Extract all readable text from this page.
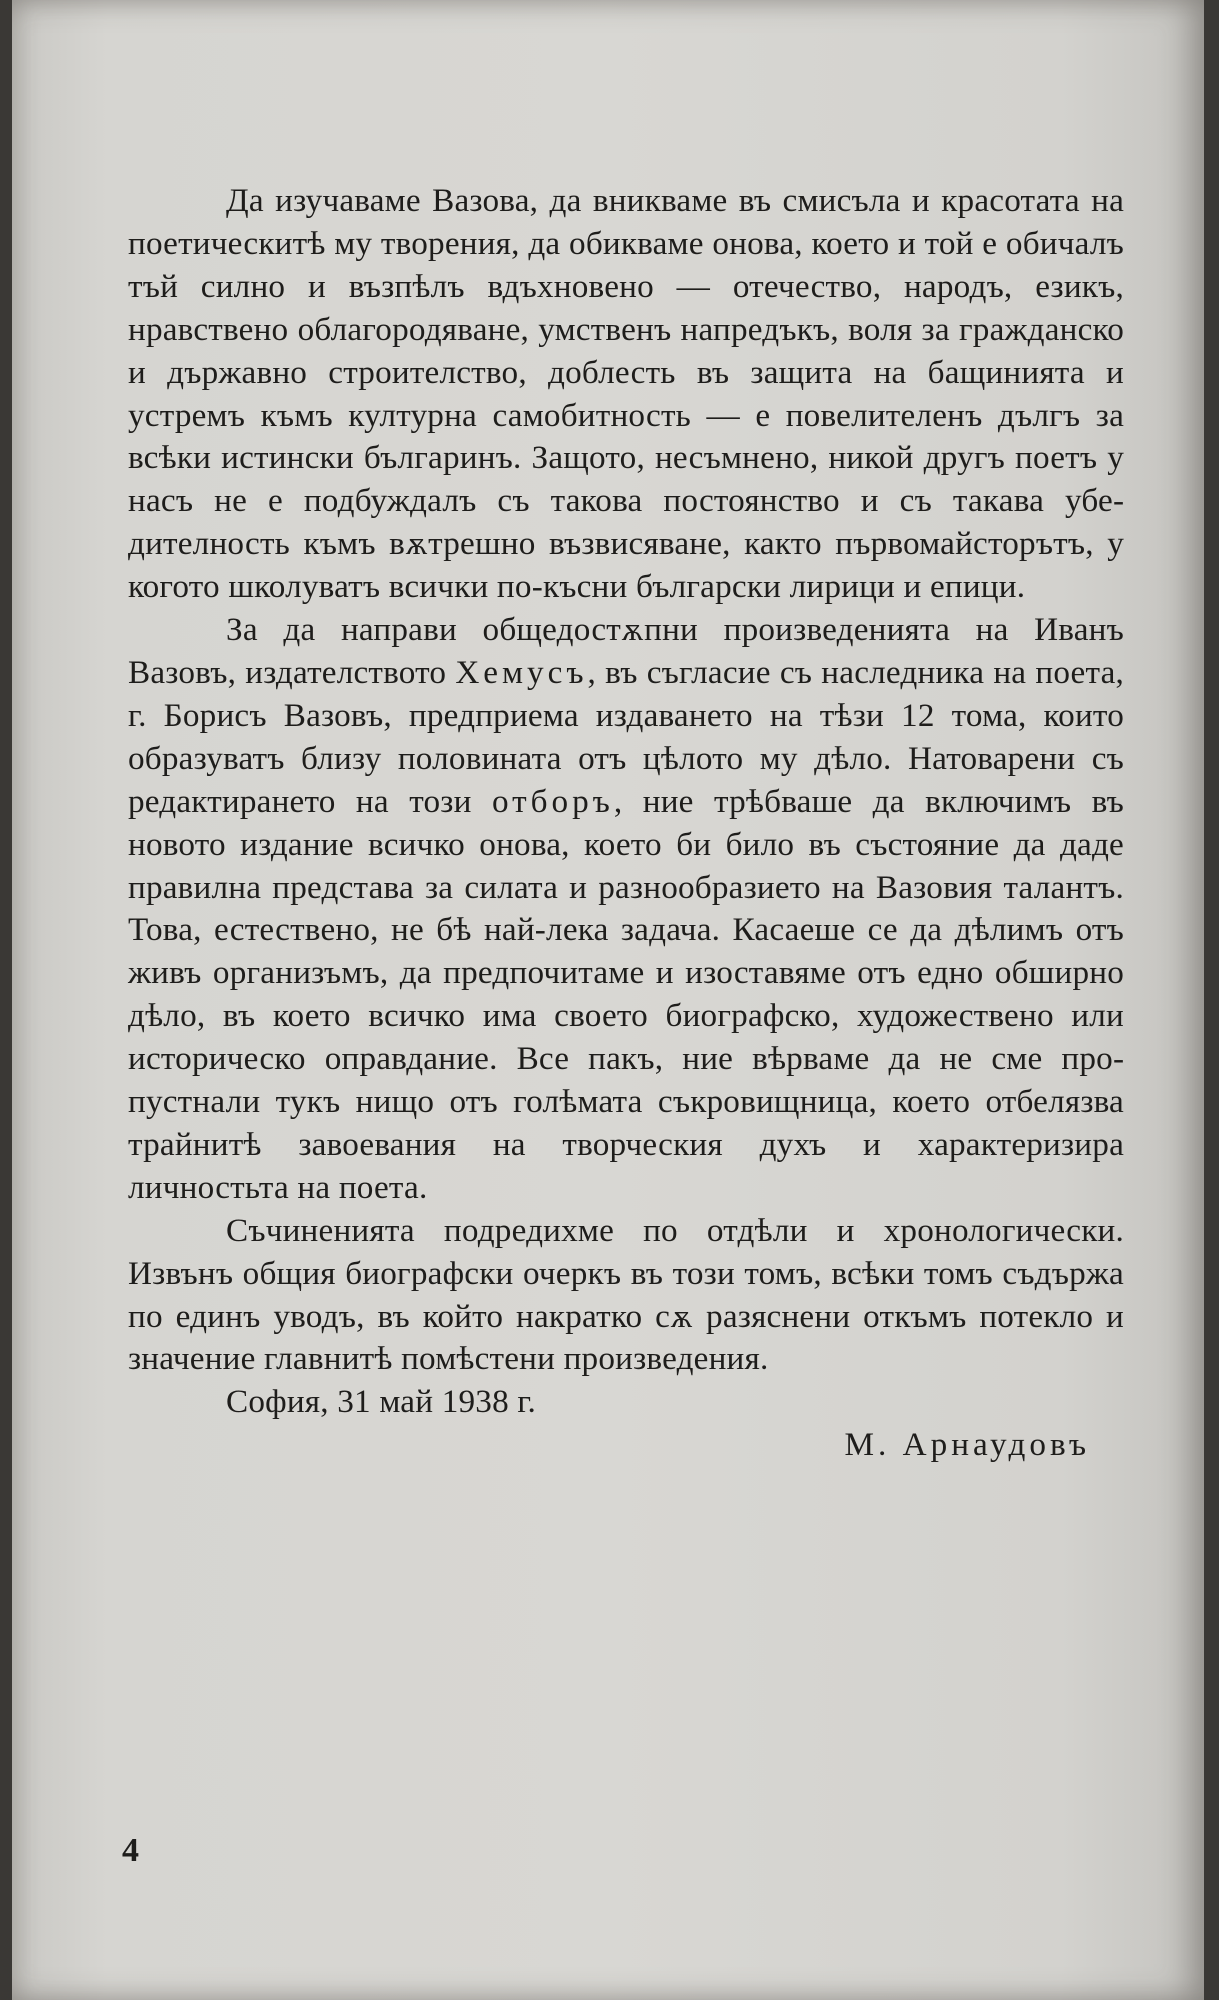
Да изучаваме Вазова, да вникваме въ смисъла и красотата на поетическитѣ му творения, да обикваме онова, което и той е обичалъ тъй силно и възпѣлъ вдъхновено — отечество, народъ, езикъ, нравствено облагородяване, умственъ напредъкъ, воля за гражданско и държавно строителство, доблесть въ защита на бащинията и устремъ къмъ културна самобитность — е повелителенъ дългъ за всѣки истински българинъ. Защото, несъмнено, никой другъ поетъ у насъ не е подбуждалъ съ такова постоянство и съ такава убедителность къмъ вѫтрешно възвисяване, както първомайсторътъ, у когото школуватъ всички по-късни български лирици и епици.

За да направи общедостѫпни произведенията на Иванъ Вазовъ, издателството Хемусъ, въ съгласие съ наследника на поета, г. Борисъ Вазовъ, предприема издаването на тѣзи 12 тома, които образуватъ близу половината отъ цѣлото му дѣло. Натоварени съ редактирането на този отборъ, ние трѣбваше да включимъ въ новото издание всичко онова, което би било въ състояние да даде правилна представа за силата и разнообразието на Вазовия талантъ. Това, естествено, не бѣ най-лека задача. Касаеше се да дѣлимъ отъ живъ организъмъ, да предпочитаме и изоставяме отъ едно обширно дѣло, въ което всичко има своето биографско, художествено или историческо оправдание. Все пакъ, ние вѣрваме да не сме пропустнали тукъ нищо отъ голѣмата съкровищница, което отбелязва трайнитѣ завоевания на творческия духъ и характеризира личностьта на поета.

Съчиненията подредихме по отдѣли и хронологически. Извънъ общия биографски очеркъ въ този томъ, всѣки томъ съдържа по единъ уводъ, въ който накратко сѫ разяснени откъмъ потекло и значение главнитѣ помѣстени произведения.

София, 31 май 1938 г.

М. Арнаудовъ

4
